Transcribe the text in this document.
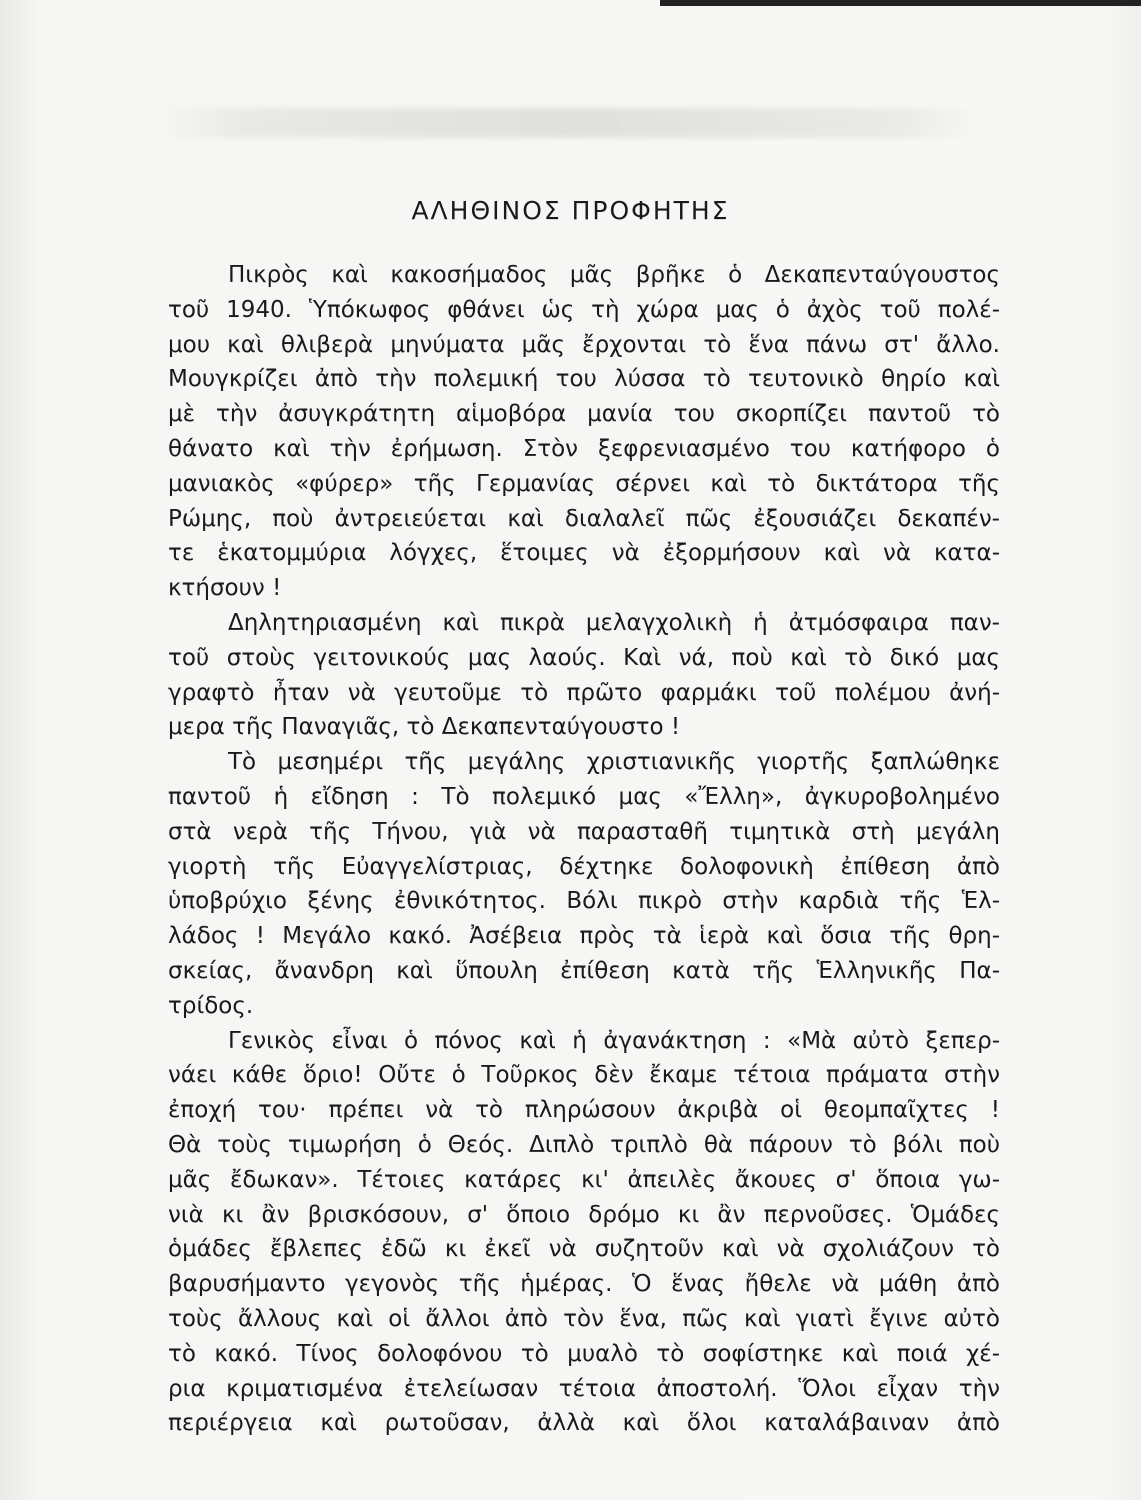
ΑΛΗΘΙΝΟΣ ΠΡΟΦΗΤΗΣ
Πικρὸς καὶ κακοσήμαδος μᾶς βρῆκε ὁ Δεκαπενταύγουστος
τοῦ 1940. Ὑπόκωφος φθάνει ὡς τὴ χώρα μας ὁ ἀχὸς τοῦ πολέ-
μου καὶ θλιβερὰ μηνύματα μᾶς ἔρχονται τὸ ἕνα πάνω στ' ἄλλο.
Μουγκρίζει ἀπὸ τὴν πολεμική του λύσσα τὸ τευτονικὸ θηρίο καὶ
μὲ τὴν ἀσυγκράτητη αἱμοβόρα μανία του σκορπίζει παντοῦ τὸ
θάνατο καὶ τὴν ἐρήμωση. Στὸν ξεφρενιασμένο του κατήφορο ὁ
μανιακὸς «φύρερ» τῆς Γερμανίας σέρνει καὶ τὸ δικτάτορα τῆς
Ρώμης, ποὺ ἀντρειεύεται καὶ διαλαλεῖ πῶς ἐξουσιάζει δεκαπέν-
τε ἑκατομμύρια λόγχες, ἕτοιμες νὰ ἐξορμήσουν καὶ νὰ κατα-
κτήσουν !
Δηλητηριασμένη καὶ πικρὰ μελαγχολικὴ ἡ ἀτμόσφαιρα παν-
τοῦ στοὺς γειτονικούς μας λαούς. Καὶ νά, ποὺ καὶ τὸ δικό μας
γραφτὸ ἦταν νὰ γευτοῦμε τὸ πρῶτο φαρμάκι τοῦ πολέμου ἀνή-
μερα τῆς Παναγιᾶς, τὸ Δεκαπενταύγουστο !
Τὸ μεσημέρι τῆς μεγάλης χριστιανικῆς γιορτῆς ξαπλώθηκε
παντοῦ ἡ εἴδηση : Τὸ πολεμικό μας «Ἔλλη», ἀγκυροβολημένο
στὰ νερὰ τῆς Τήνου, γιὰ νὰ παρασταθῆ τιμητικὰ στὴ μεγάλη
γιορτὴ τῆς Εὐαγγελίστριας, δέχτηκε δολοφονικὴ ἐπίθεση ἀπὸ
ὑποβρύχιο ξένης ἐθνικότητος. Βόλι πικρὸ στὴν καρδιὰ τῆς Ἑλ-
λάδος ! Μεγάλο κακό. Ἀσέβεια πρὸς τὰ ἱερὰ καὶ ὅσια τῆς θρη-
σκείας, ἄνανδρη καὶ ὕπουλη ἐπίθεση κατὰ τῆς Ἑλληνικῆς Πα-
τρίδος.
Γενικὸς εἶναι ὁ πόνος καὶ ἡ ἀγανάκτηση : «Μὰ αὐτὸ ξεπερ-
νάει κάθε ὅριο! Οὔτε ὁ Τοῦρκος δὲν ἔκαμε τέτοια πράματα στὴν
ἐποχή του· πρέπει νὰ τὸ πληρώσουν ἀκριβὰ οἱ θεομπαῖχτες !
Θὰ τοὺς τιμωρήση ὁ Θεός. Διπλὸ τριπλὸ θὰ πάρουν τὸ βόλι ποὺ
μᾶς ἔδωκαν». Τέτοιες κατάρες κι' ἀπειλὲς ἄκουες σ' ὅποια γω-
νιὰ κι ἂν βρισκόσουν, σ' ὅποιο δρόμο κι ἂν περνοῦσες. Ὁμάδες
ὁμάδες ἔβλεπες ἐδῶ κι ἐκεῖ νὰ συζητοῦν καὶ νὰ σχολιάζουν τὸ
βαρυσήμαντο γεγονὸς τῆς ἡμέρας. Ὁ ἕνας ἤθελε νὰ μάθη ἀπὸ
τοὺς ἄλλους καὶ οἱ ἄλλοι ἀπὸ τὸν ἕνα, πῶς καὶ γιατὶ ἔγινε αὐτὸ
τὸ κακό. Τίνος δολοφόνου τὸ μυαλὸ τὸ σοφίστηκε καὶ ποιά χέ-
ρια κριματισμένα ἐτελείωσαν τέτοια ἀποστολή. Ὅλοι εἶχαν τὴν
περιέργεια καὶ ρωτοῦσαν, ἀλλὰ καὶ ὅλοι καταλάβαιναν ἀπὸ
